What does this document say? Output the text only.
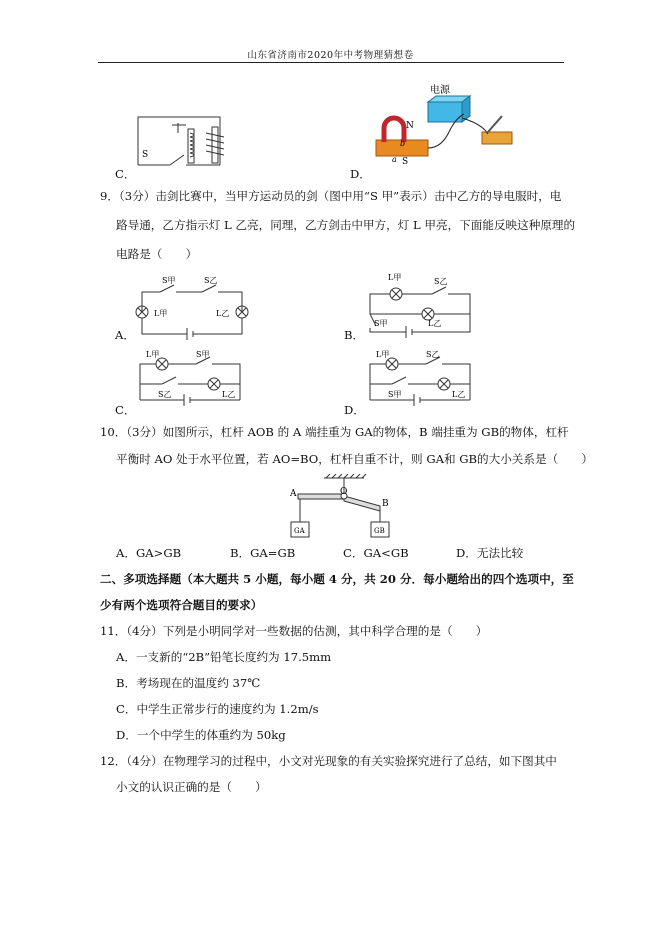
山东省济南市2020年中考物理猜想卷
C．
S
D．
电源
N
S
a
b
9．（3分）击剑比赛中，当甲方运动员的剑（图中用“S 甲”表示）击中乙方的导电服时，电
路导通，乙方指示灯 L 乙亮，同理，乙方剑击中甲方，灯 L 甲亮，下面能反映这种原理的
电路是（　　）
A．
S甲	S乙
L甲	L乙
B．
L甲	S乙
S甲	L乙
C．
L甲	S甲
S乙	L乙
D．
L甲	S乙
S甲	L乙
10．（3分）如图所示，杠杆 AOB 的 A 端挂重为 GA的物体，B 端挂重为 GB的物体，杠杆
平衡时 AO 处于水平位置，若 AO=BO，杠杆自重不计，则 GA和 GB的大小关系是（　　）
A	O
B
GA	GB
A．GA>GB	B．GA=GB	C．GA<GB	D．无法比较
二、多项选择题（本大题共 5 小题，每小题 4 分，共 20 分．每小题给出的四个选项中，至
少有两个选项符合题目的要求）
11．（4分）下列是小明同学对一些数据的估测，其中科学合理的是（　　）
A．一支新的“2B”铅笔长度约为 17.5mm
B．考场现在的温度约 37℃
C．中学生正常步行的速度约为 1.2m/s
D．一个中学生的体重约为 50kg
12．（4分）在物理学习的过程中，小文对光现象的有关实验探究进行了总结，如下图其中
小文的认识正确的是（　　）
